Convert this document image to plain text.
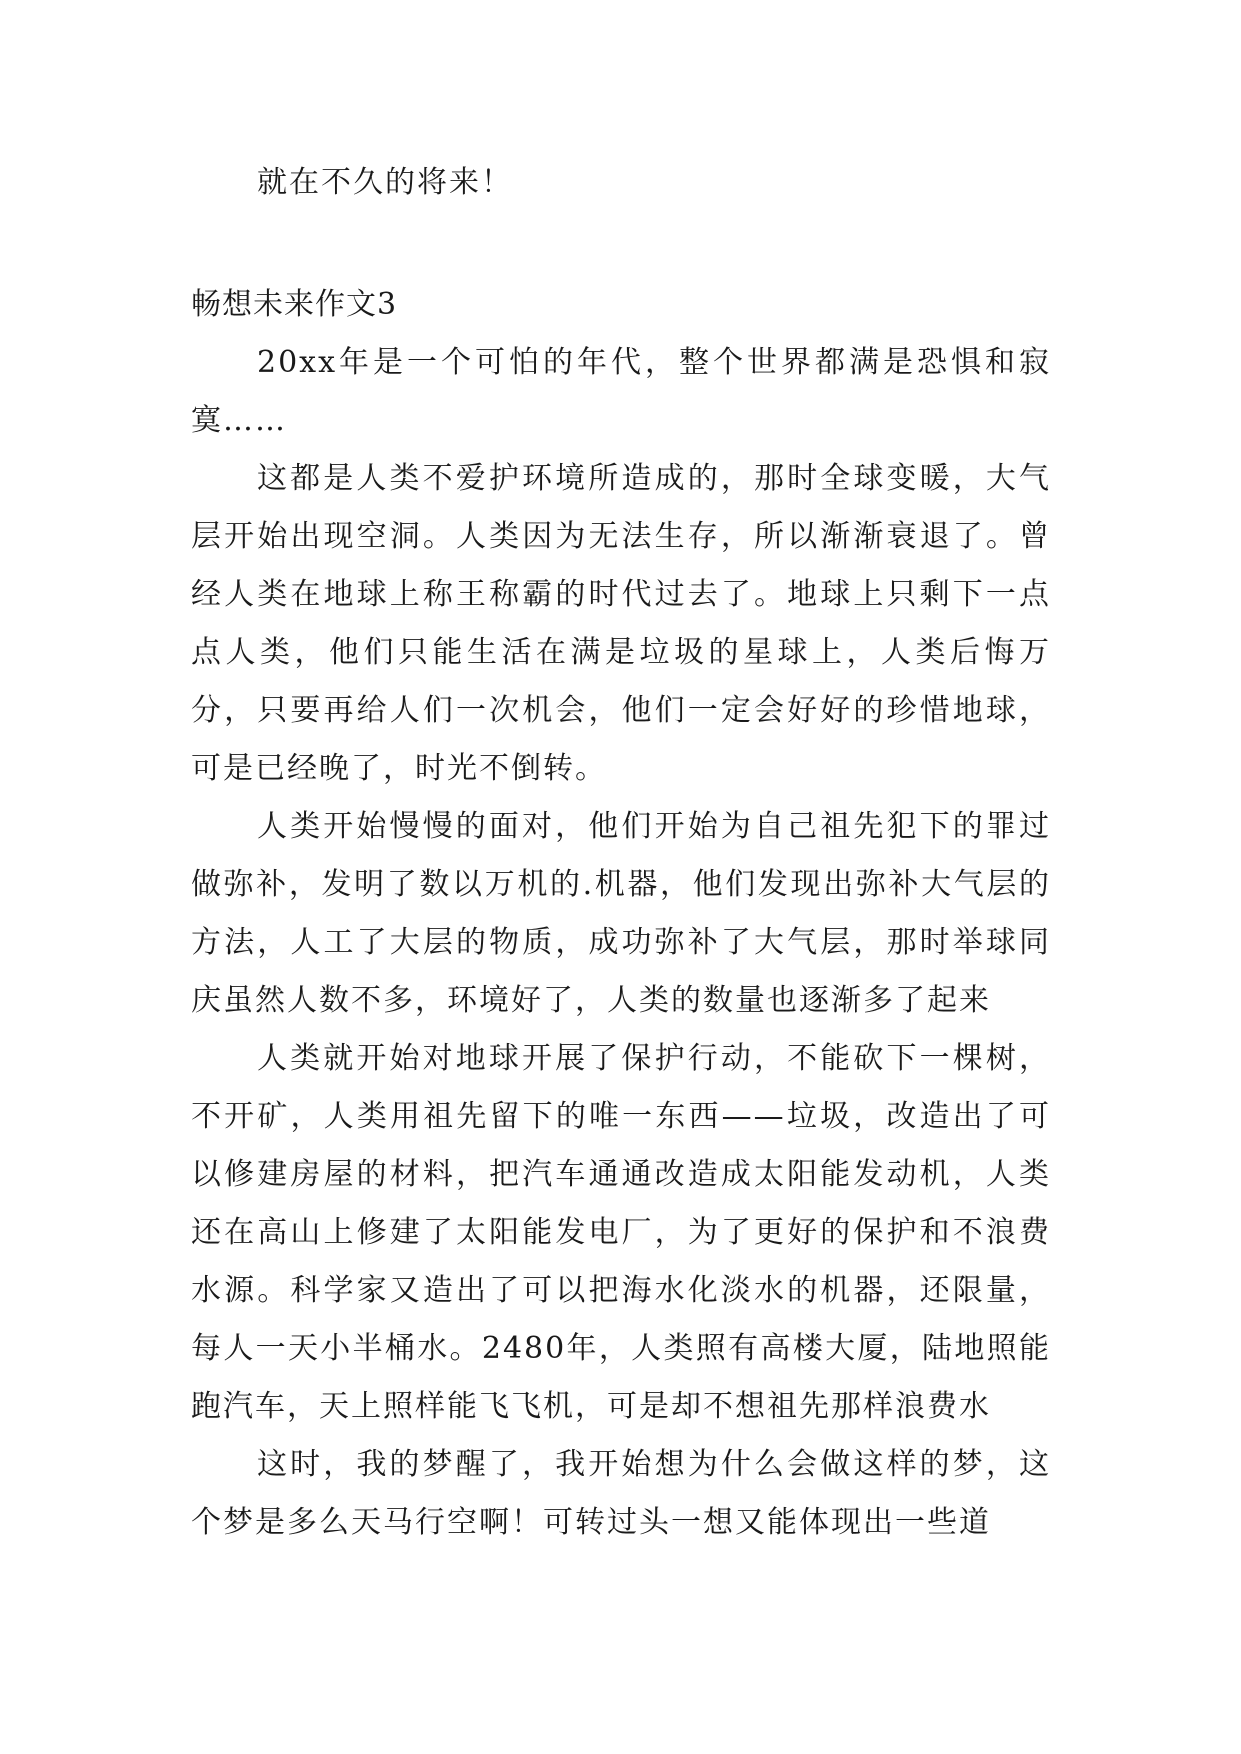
就在不久的将来！

畅想未来作文3

20xx年是一个可怕的年代，整个世界都满是恐惧和寂寞……

这都是人类不爱护环境所造成的，那时全球变暖，大气层开始出现空洞。人类因为无法生存，所以渐渐衰退了。曾经人类在地球上称王称霸的时代过去了。地球上只剩下一点点人类，他们只能生活在满是垃圾的星球上，人类后悔万分，只要再给人们一次机会，他们一定会好好的珍惜地球，可是已经晚了，时光不倒转。

人类开始慢慢的面对，他们开始为自己祖先犯下的罪过做弥补，发明了数以万机的.机器，他们发现出弥补大气层的方法，人工了大层的物质，成功弥补了大气层，那时举球同庆虽然人数不多，环境好了，人类的数量也逐渐多了起来

人类就开始对地球开展了保护行动，不能砍下一棵树，不开矿，人类用祖先留下的唯一东西——垃圾，改造出了可以修建房屋的材料，把汽车通通改造成太阳能发动机，人类还在高山上修建了太阳能发电厂，为了更好的保护和不浪费水源。科学家又造出了可以把海水化淡水的机器，还限量，每人一天小半桶水。2480年，人类照有高楼大厦，陆地照能跑汽车，天上照样能飞飞机，可是却不想祖先那样浪费水

这时，我的梦醒了，我开始想为什么会做这样的梦，这个梦是多么天马行空啊！可转过头一想又能体现出一些道
